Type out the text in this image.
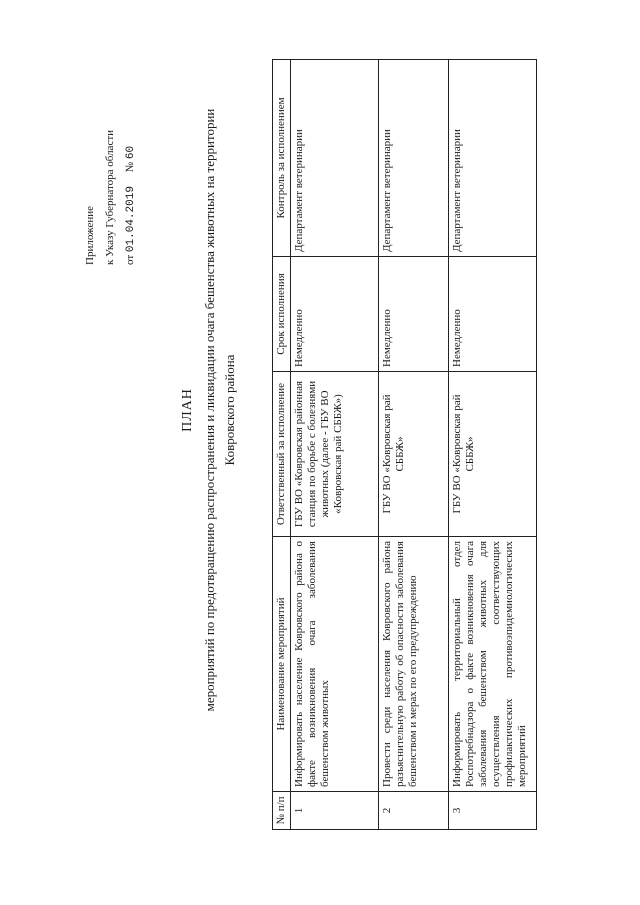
Приложение к Указу Губернатора области от 01.04.2019     № 60
ПЛАН мероприятий по предотвращению распространения и ликвидации очага бешенства животных на территории Ковровского района
№ п/п	Наименование мероприятий	Ответственный за исполнение	Срок исполнения	Контроль за исполнением
1	Информировать население Ковровского района о факте возникновения очага заболевания бешенством животных	ГБУ ВО «Ковровская районная станция по борьбе с болезнями животных (далее - ГБУ ВО «Ковровская рай СББЖ»)	Немедленно	Департамент ветеринарии
2	Провести среди населения Ковровского района разъяснительную работу об опасности заболевания бешенством и мерах по его предупреждению	ГБУ ВО «Ковровская рай СББЖ»	Немедленно	Департамент ветеринарии
3	Информировать территориальный отдел Роспотребнадзора о факте возникновения очага заболевания бешенством животных для осуществления соответствующих профилактических противоэпидемиологических мероприятий	ГБУ ВО «Ковровская рай СББЖ»	Немедленно	Департамент ветеринарии
